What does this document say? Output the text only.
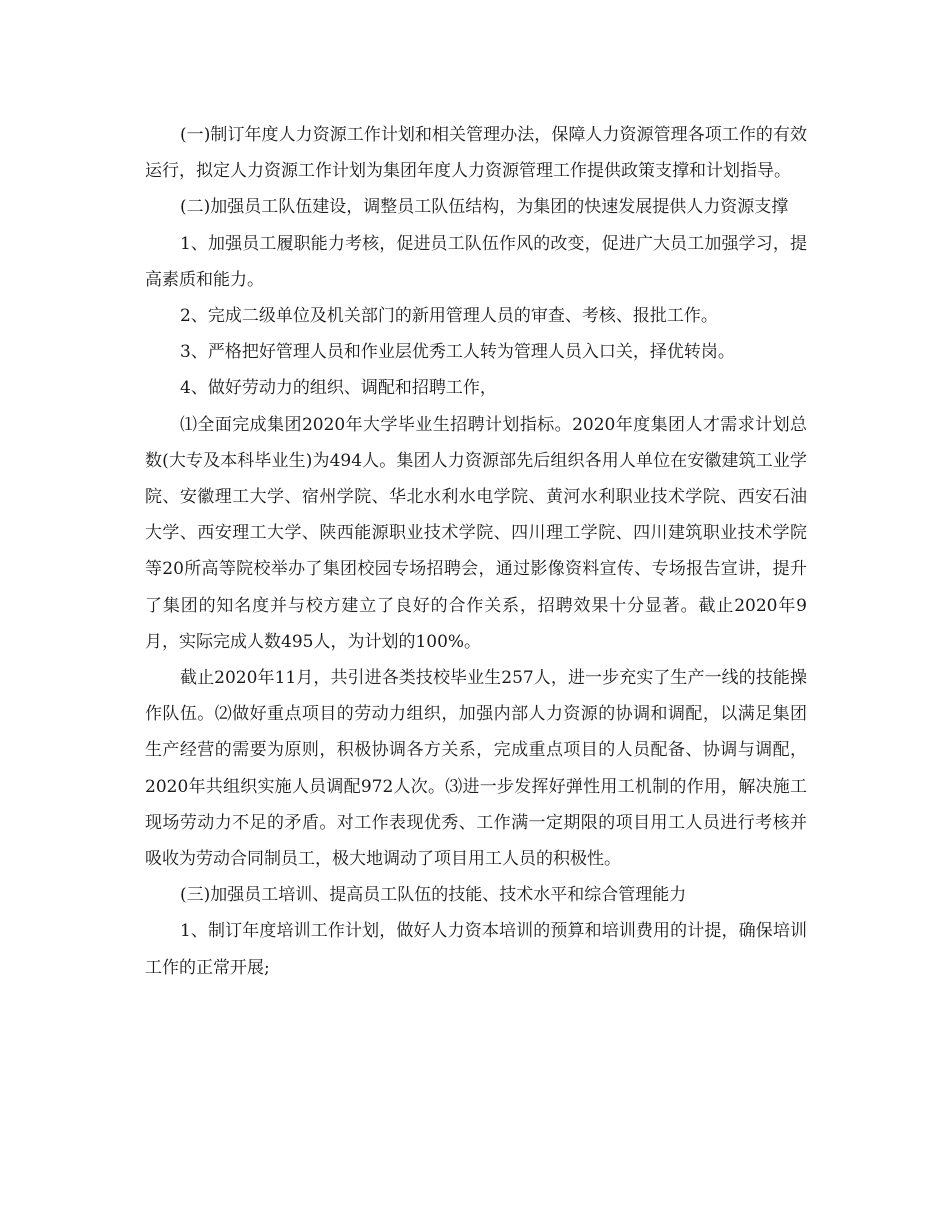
(一)制订年度人力资源工作计划和相关管理办法，保障人力资源管理各项工作的有效运行，拟定人力资源工作计划为集团年度人力资源管理工作提供政策支撑和计划指导。

(二)加强员工队伍建设，调整员工队伍结构，为集团的快速发展提供人力资源支撑

1、加强员工履职能力考核，促进员工队伍作风的改变，促进广大员工加强学习，提高素质和能力。

2、完成二级单位及机关部门的新用管理人员的审查、考核、报批工作。

3、严格把好管理人员和作业层优秀工人转为管理人员入口关，择优转岗。

4、做好劳动力的组织、调配和招聘工作，

⑴全面完成集团2020年大学毕业生招聘计划指标。2020年度集团人才需求计划总数(大专及本科毕业生)为494人。集团人力资源部先后组织各用人单位在安徽建筑工业学院、安徽理工大学、宿州学院、华北水利水电学院、黄河水利职业技术学院、西安石油大学、西安理工大学、陕西能源职业技术学院、四川理工学院、四川建筑职业技术学院等20所高等院校举办了集团校园专场招聘会，通过影像资料宣传、专场报告宣讲，提升了集团的知名度并与校方建立了良好的合作关系，招聘效果十分显著。截止2020年9月，实际完成人数495人，为计划的100%。

截止2020年11月，共引进各类技校毕业生257人，进一步充实了生产一线的技能操作队伍。⑵做好重点项目的劳动力组织，加强内部人力资源的协调和调配，以满足集团生产经营的需要为原则，积极协调各方关系，完成重点项目的人员配备、协调与调配，2020年共组织实施人员调配972人次。⑶进一步发挥好弹性用工机制的作用，解决施工现场劳动力不足的矛盾。对工作表现优秀、工作满一定期限的项目用工人员进行考核并吸收为劳动合同制员工，极大地调动了项目用工人员的积极性。

(三)加强员工培训、提高员工队伍的技能、技术水平和综合管理能力

1、制订年度培训工作计划，做好人力资本培训的预算和培训费用的计提，确保培训工作的正常开展;
